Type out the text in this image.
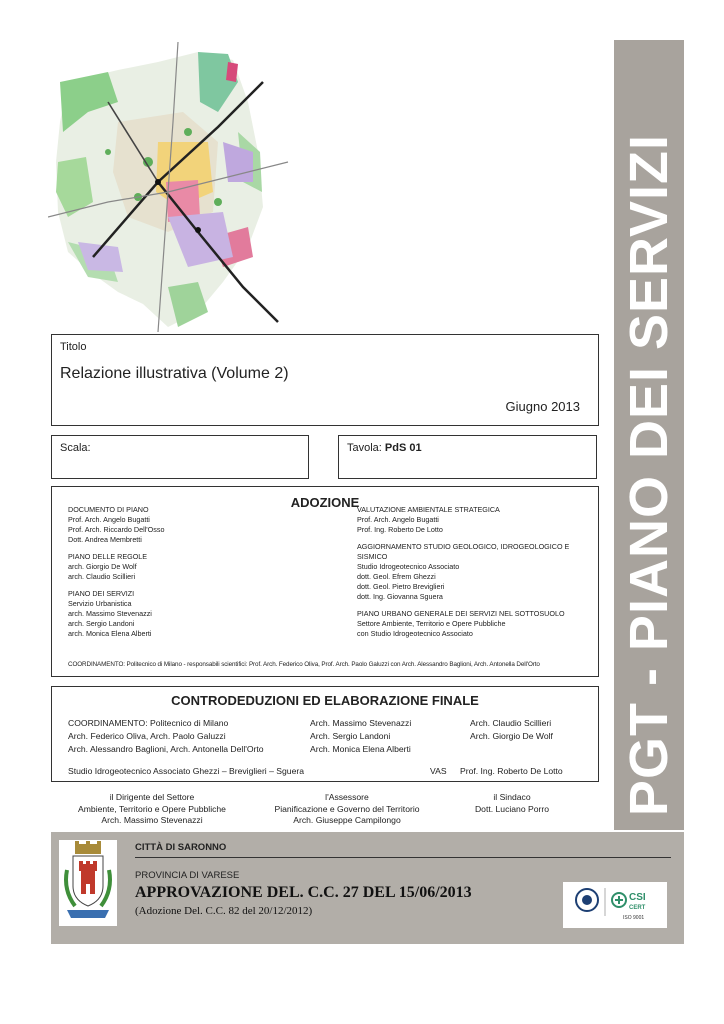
PGT - PIANO DEI SERVIZI
Titolo
Relazione illustrativa (Volume 2)
Giugno 2013
Scala:	Tavola: PdS 01
ADOZIONE
DOCUMENTO DI PIANO
Prof. Arch. Angelo Bugatti
Prof. Arch. Riccardo Dell'Osso
Dott. Andrea Membretti
PIANO DELLE REGOLE
arch. Giorgio De Wolf
arch. Claudio Scillieri
PIANO DEI SERVIZI
Servizio Urbanistica
arch. Massimo Stevenazzi
arch. Sergio Landoni
arch. Monica Elena Alberti
VALUTAZIONE AMBIENTALE STRATEGICA
Prof. Arch. Angelo Bugatti
Prof. Ing. Roberto De Lotto
AGGIORNAMENTO STUDIO GEOLOGICO, IDROGEOLOGICO E
SISMICO
Studio Idrogeotecnico Associato
dott. Geol. Efrem Ghezzi
dott. Geol. Pietro Breviglieri
dott. Ing. Giovanna Sguera
PIANO URBANO GENERALE DEI SERVIZI NEL SOTTOSUOLO
Settore Ambiente, Territorio e Opere Pubbliche
con Studio Idrogeotecnico Associato
COORDINAMENTO: Politecnico di Milano - responsabili scientifici: Prof. Arch. Federico Oliva, Prof. Arch. Paolo Galuzzi con Arch. Alessandro Baglioni, Arch. Antonella Dell'Orto
CONTRODEDUZIONI ED ELABORAZIONE FINALE
COORDINAMENTO: Politecnico di Milano
Arch. Federico Oliva, Arch. Paolo Galuzzi
Arch. Alessandro Baglioni, Arch. Antonella Dell'Orto
Arch. Massimo Stevenazzi
Arch. Sergio Landoni
Arch. Monica Elena Alberti
Arch. Claudio Scillieri
Arch. Giorgio De Wolf
Studio Idrogeotecnico Associato Ghezzi – Breviglieri – Sguera	VAS Prof. Ing. Roberto De Lotto
il Dirigente del Settore
Ambiente, Territorio e Opere Pubbliche
Arch. Massimo Stevenazzi
l'Assessore
Pianificazione e Governo del Territorio
Arch. Giuseppe Campilongo
il Sindaco
Dott. Luciano Porro
CITTÀ DI SARONNO
PROVINCIA DI VARESE
APPROVAZIONE DEL. C.C. 27 DEL 15/06/2013
(Adozione Del. C.C. 82 del 20/12/2012)
CSI
CERT
ISO 9001
